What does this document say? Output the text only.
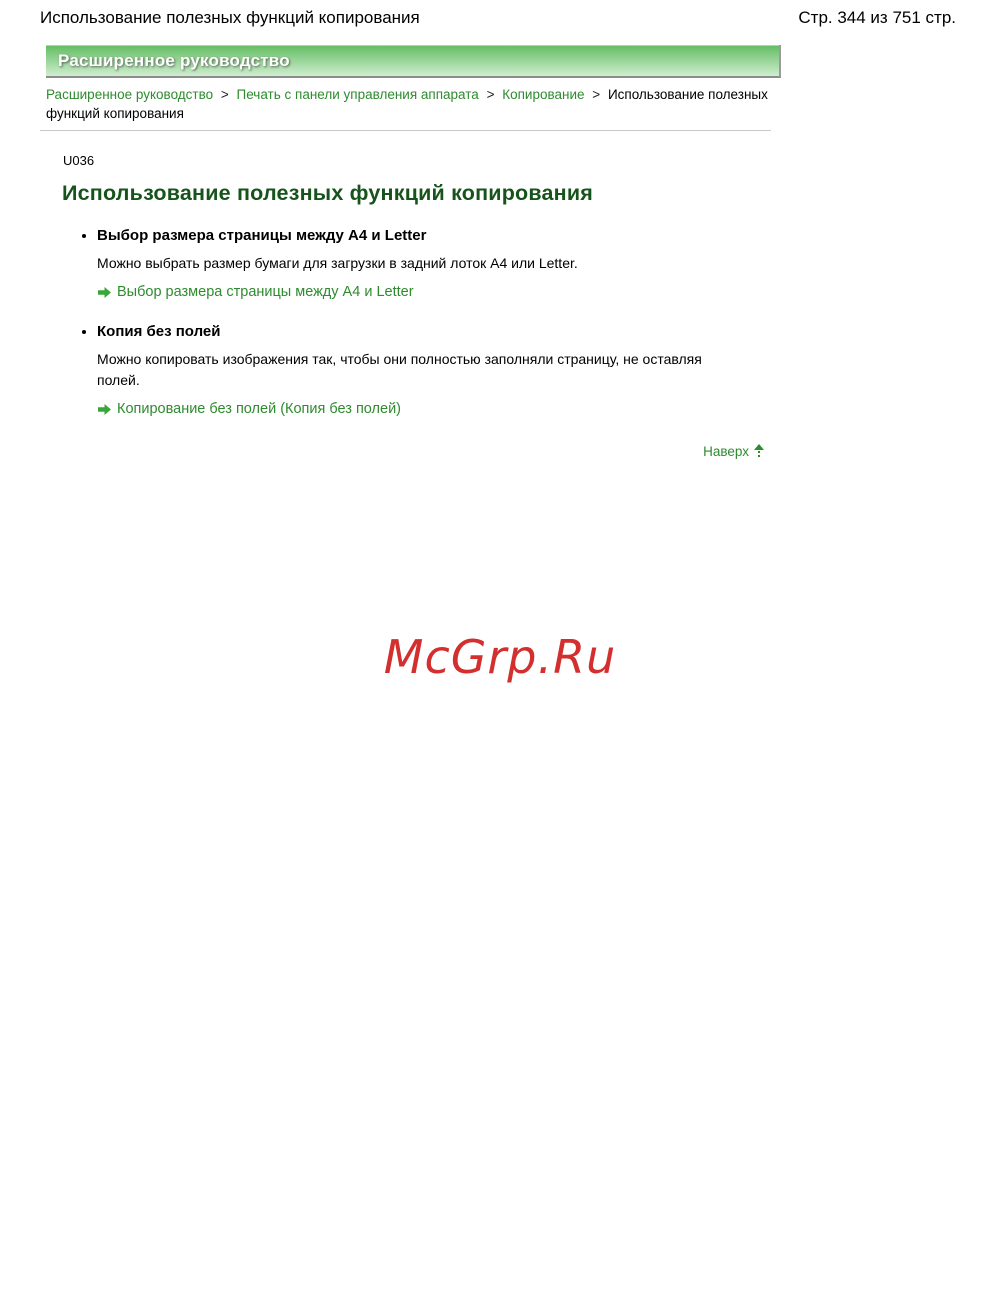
Использование полезных функций копирования	Стр. 344 из 751 стр.
Расширенное руководство
Расширенное руководство > Печать с панели управления аппарата > Копирование > Использование полезных функций копирования
U036
Использование полезных функций копирования
• Выбор размера страницы между A4 и Letter
Можно выбрать размер бумаги для загрузки в задний лоток A4 или Letter.
Выбор размера страницы между A4 и Letter
• Копия без полей
Можно копировать изображения так, чтобы они полностью заполняли страницу, не оставляя полей.
Копирование без полей (Копия без полей)
Наверх
McGrp.Ru
